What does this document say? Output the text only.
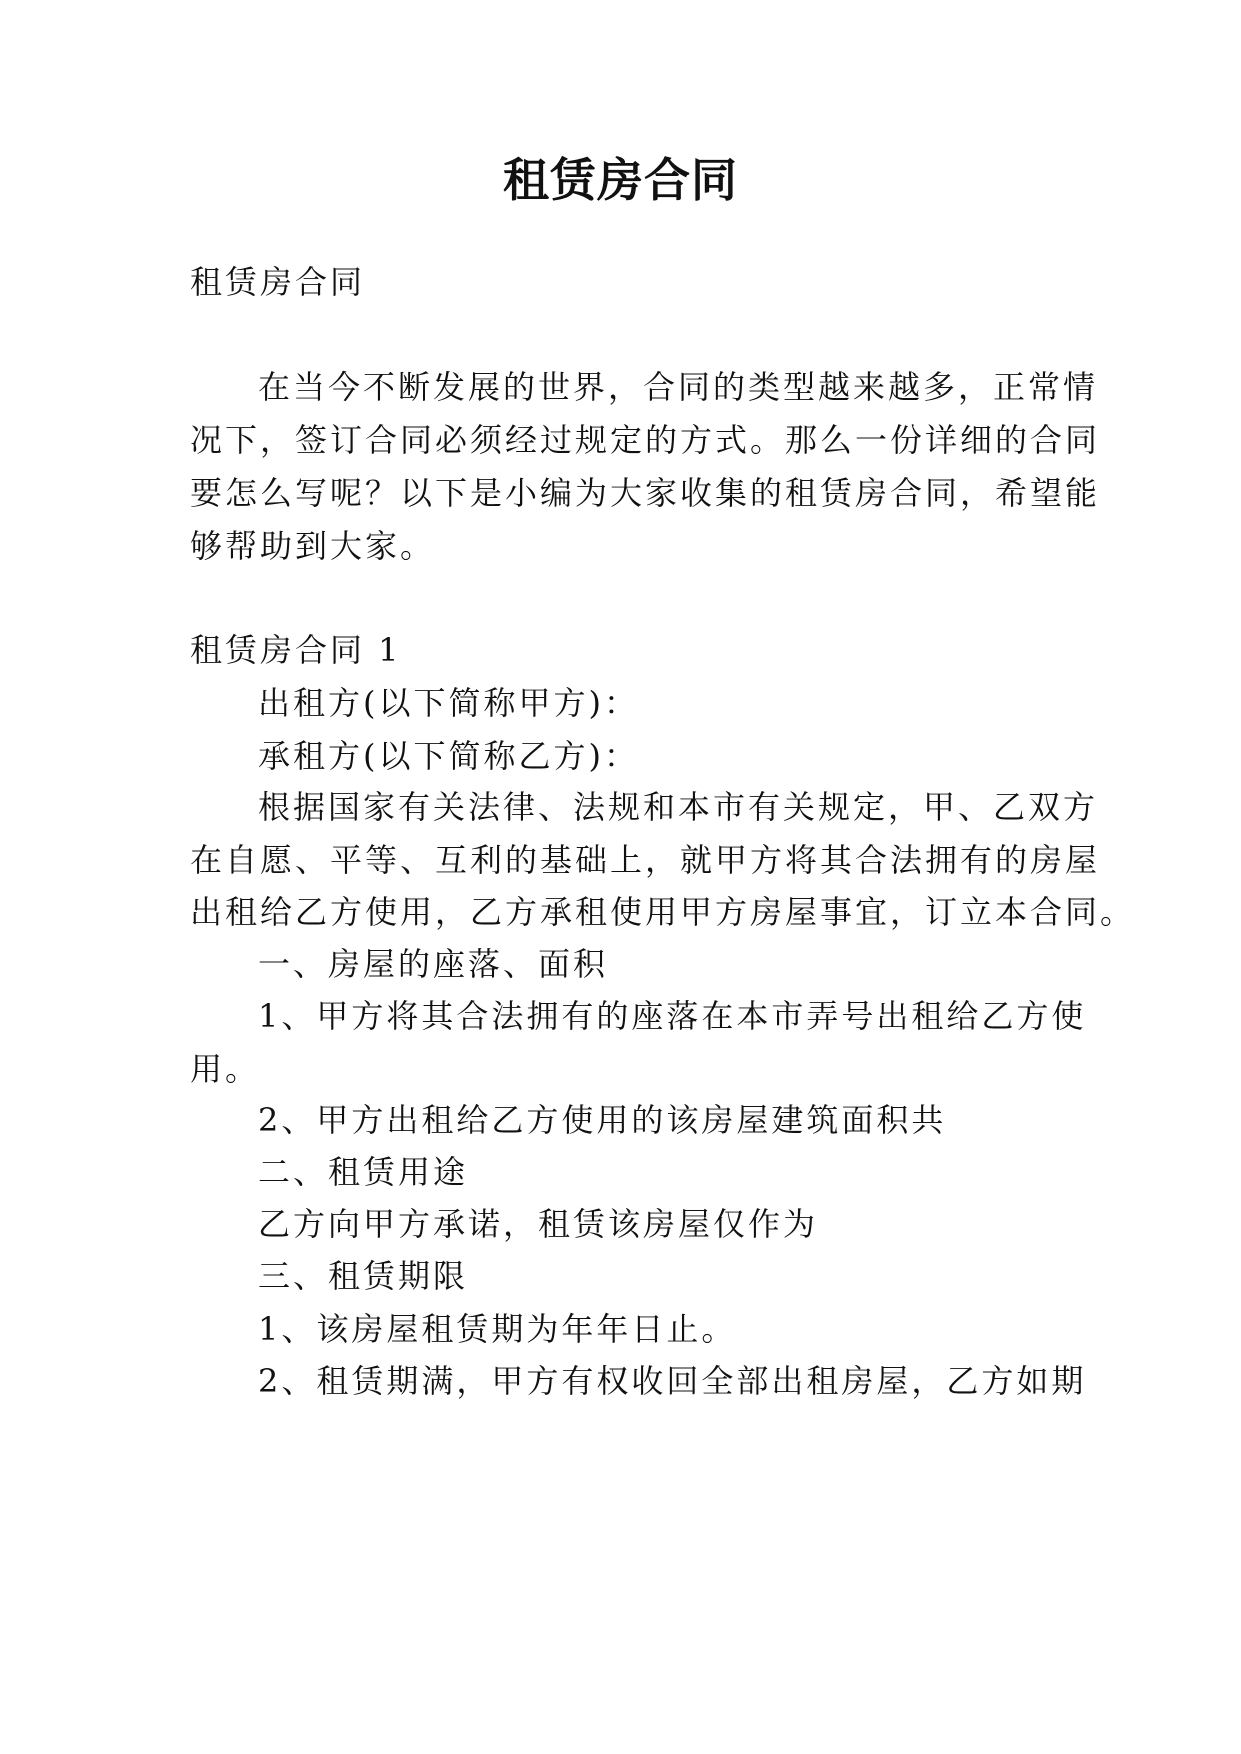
租赁房合同

租赁房合同

在当今不断发展的世界，合同的类型越来越多，正常情

况下，签订合同必须经过规定的方式。那么一份详细的合同

要怎么写呢？以下是小编为大家收集的租赁房合同，希望能

够帮助到大家。

租赁房合同 1

出租方(以下简称甲方)：

承租方(以下简称乙方)：

根据国家有关法律、法规和本市有关规定，甲、乙双方

在自愿、平等、互利的基础上，就甲方将其合法拥有的房屋

出租给乙方使用，乙方承租使用甲方房屋事宜，订立本合同。

一、房屋的座落、面积

1、甲方将其合法拥有的座落在本市弄号出租给乙方使

用。

2、甲方出租给乙方使用的该房屋建筑面积共

二、租赁用途

乙方向甲方承诺，租赁该房屋仅作为

三、租赁期限

1、该房屋租赁期为年年日止。

2、租赁期满，甲方有权收回全部出租房屋，乙方如期
